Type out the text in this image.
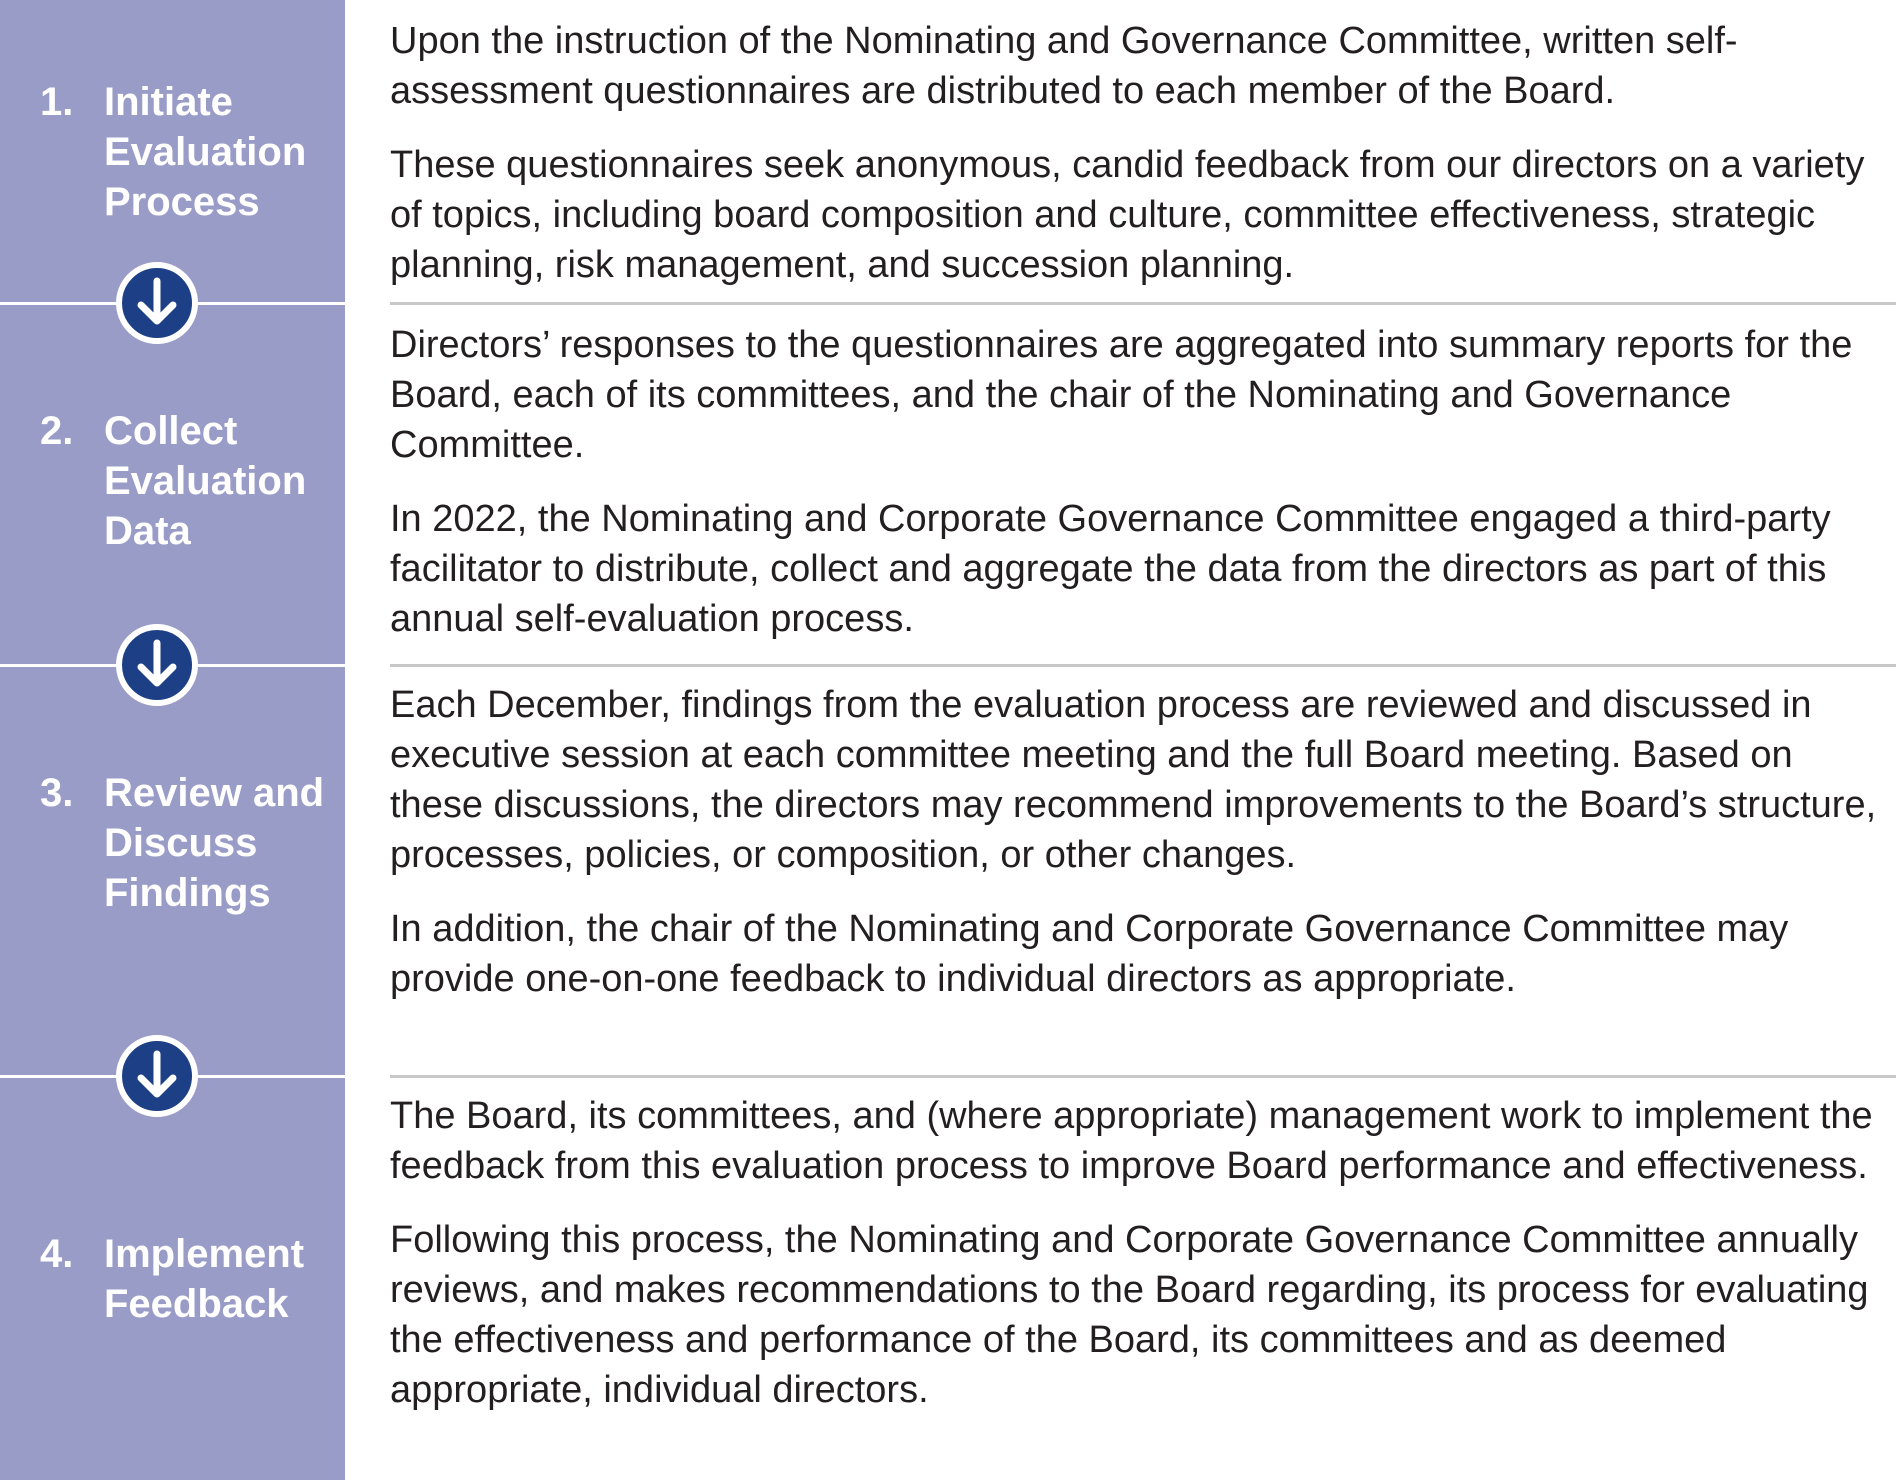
1. Initiate Evaluation Process

Upon the instruction of the Nominating and Governance Committee, written self-assessment questionnaires are distributed to each member of the Board.

These questionnaires seek anonymous, candid feedback from our directors on a variety of topics, including board composition and culture, committee effectiveness, strategic planning, risk management, and succession planning.

2. Collect Evaluation Data

Directors’ responses to the questionnaires are aggregated into summary reports for the Board, each of its committees, and the chair of the Nominating and Governance Committee.

In 2022, the Nominating and Corporate Governance Committee engaged a third-party facilitator to distribute, collect and aggregate the data from the directors as part of this annual self-evaluation process.

3. Review and Discuss Findings

Each December, findings from the evaluation process are reviewed and discussed in executive session at each committee meeting and the full Board meeting. Based on these discussions, the directors may recommend improvements to the Board’s structure, processes, policies, or composition, or other changes.

In addition, the chair of the Nominating and Corporate Governance Committee may provide one-on-one feedback to individual directors as appropriate.

4. Implement Feedback

The Board, its committees, and (where appropriate) management work to implement the feedback from this evaluation process to improve Board performance and effectiveness.

Following this process, the Nominating and Corporate Governance Committee annually reviews, and makes recommendations to the Board regarding, its process for evaluating the effectiveness and performance of the Board, its committees and as deemed appropriate, individual directors.
